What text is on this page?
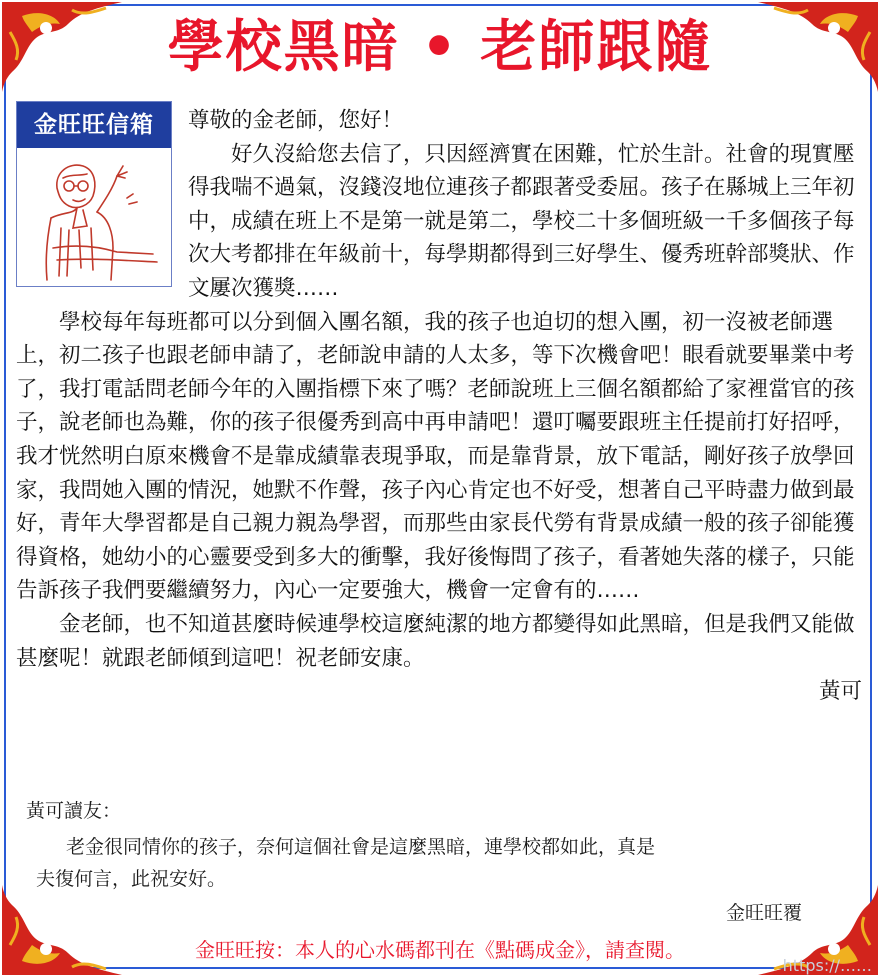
學校黑暗 • 老師跟隨
金旺旺信箱	尊敬的金老師，您好！

好久沒給您去信了，只因經濟實在困難，忙於生計。社會的現實壓得我喘不過氣，沒錢沒地位連孩子都跟著受委屈。孩子在縣城上三年初中，成績在班上不是第一就是第二，學校二十多個班級一千多個孩子每次大考都排在年級前十，每學期都得到三好學生、優秀班幹部獎狀、作文屢次獲獎……

學校每年每班都可以分到個入團名額，我的孩子也迫切的想入團，初一沒被老師選上，初二孩子也跟老師申請了，老師說申請的人太多，等下次機會吧！眼看就要畢業中考了，我打電話問老師今年的入團指標下來了嗎？老師說班上三個名額都給了家裡當官的孩子，說老師也為難，你的孩子很優秀到高中再申請吧！還叮囑要跟班主任提前打好招呼，我才恍然明白原來機會不是靠成績靠表現爭取，而是靠背景，放下電話，剛好孩子放學回家，我問她入團的情況，她默不作聲，孩子內心肯定也不好受，想著自己平時盡力做到最好，青年大學習都是自己親力親為學習，而那些由家長代勞有背景成績一般的孩子卻能獲得資格，她幼小的心靈要受到多大的衝擊，我好後悔問了孩子，看著她失落的樣子，只能告訴孩子我們要繼續努力，內心一定要強大，機會一定會有的……

金老師，也不知道甚麼時候連學校這麼純潔的地方都變得如此黑暗，但是我們又能做甚麼呢！就跟老師傾到這吧！祝老師安康。

黃可

黃可讀友：

老金很同情你的孩子，奈何這個社會是這麼黑暗，連學校都如此，真是

夫復何言，此祝安好。

金旺旺覆
金旺旺按：本人的心水碼都刊在《點碼成金》，請查閱。
https://……
